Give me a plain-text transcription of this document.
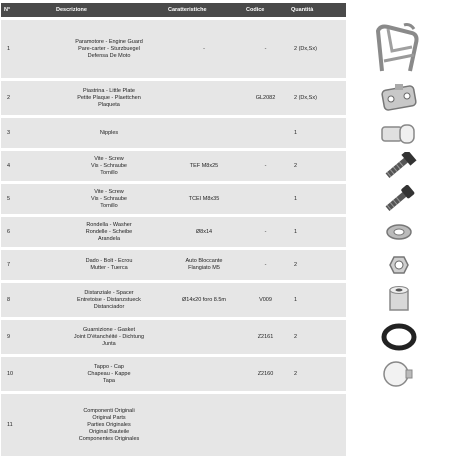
N°	Descrizione	Caratteristiche	Codice	Quantità	
1	Paramotore - Engine Guard
Pare-carter - Sturzbuegel
Defensa De Moto	-	-	2 (Dx,Sx)	

2	Piastrina - Little Plate
Petite Plaque - Plaettchen
Plaqueta		GL2082	2 (Dx,Sx)	

3	Nipples			1	

4	Vite - Screw
Vis - Schraube
Tornillo	TEF M8x25	-	2	

5	Vite - Screw
Vis - Schraube
Tornillo	TCEI M8x35		1	

6	Rondella - Washer
Rondelle - Scheibe
Arandela	Ø8x14	-	1	

7	Dado - Bolt - Ecrou
Mutter - Tuerca	Auto Bloccante
Flangiato M5	-	2	

8	Distanziale - Spacer
Entretoise - Distanzstueck
Distanciador	Ø14x20 foro 8.5m	V009	1	

9	Guarnizione - Gasket
Joint D'étanchéité - Dichtung
Junta		Z2161	2	

10	Tappo - Cap
Chapeau - Kappe
Tapa		Z2160	2	

11	Componenti Originali
Original Parts
Parties Originales
Original Bauteile
Componentes Originales				
